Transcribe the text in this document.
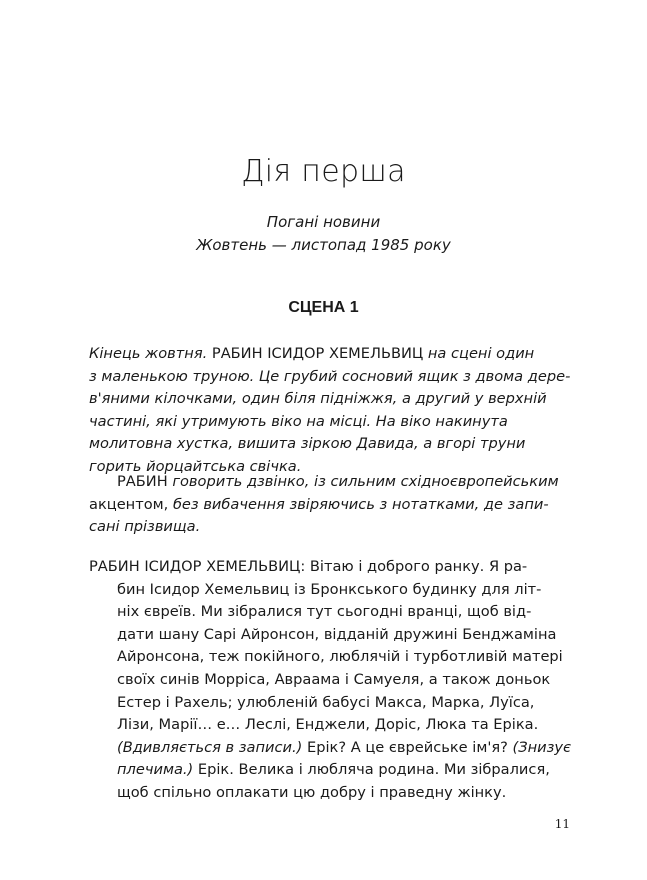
Дія перша

Погані новини

Жовтень — листопад 1985 року

СЦЕНА 1
Кінець жовтня. РАБИН ІСИДОР ХЕМЕЛЬВИЦ на сцені один
з маленькою труною. Це грубий сосновий ящик з двома дере-
в'яними кілочками, один біля підніжжя, а другий у верхній
частині, які утримують віко на місці. На віко накинута
молитовна хустка, вишита зіркою Давида, а вгорі труни
горить йорцайтська свічка.
РАБИН говорить дзвінко, із сильним східноєвропейським
акцентом, без вибачення звіряючись з нотатками, де запи-
сані прізвища.
РАБИН ІСИДОР ХЕМЕЛЬВИЦ: Вітаю і доброго ранку. Я ра-
бин Ісидор Хемельвиц із Бронкського будинку для літ-
ніх євреїв. Ми зібралися тут сьогодні вранці, щоб від-
дати шану Сарі Айронсон, відданій дружині Бенджаміна
Айронсона, теж покійного, люблячій і турботливій матері
своїх синів Морріса, Авраама і Самуеля, а також доньок
Естер і Рахель; улюбленій бабусі Макса, Марка, Луїса,
Лізи, Марії… е… Леслі, Енджели, Доріс, Люка та Еріка.
(Вдивляється в записи.) Ерік? А це єврейське ім'я? (Знизує
плечима.) Ерік. Велика і любляча родина. Ми зібралися,
щоб спільно оплакати цю добру і праведну жінку.

11
